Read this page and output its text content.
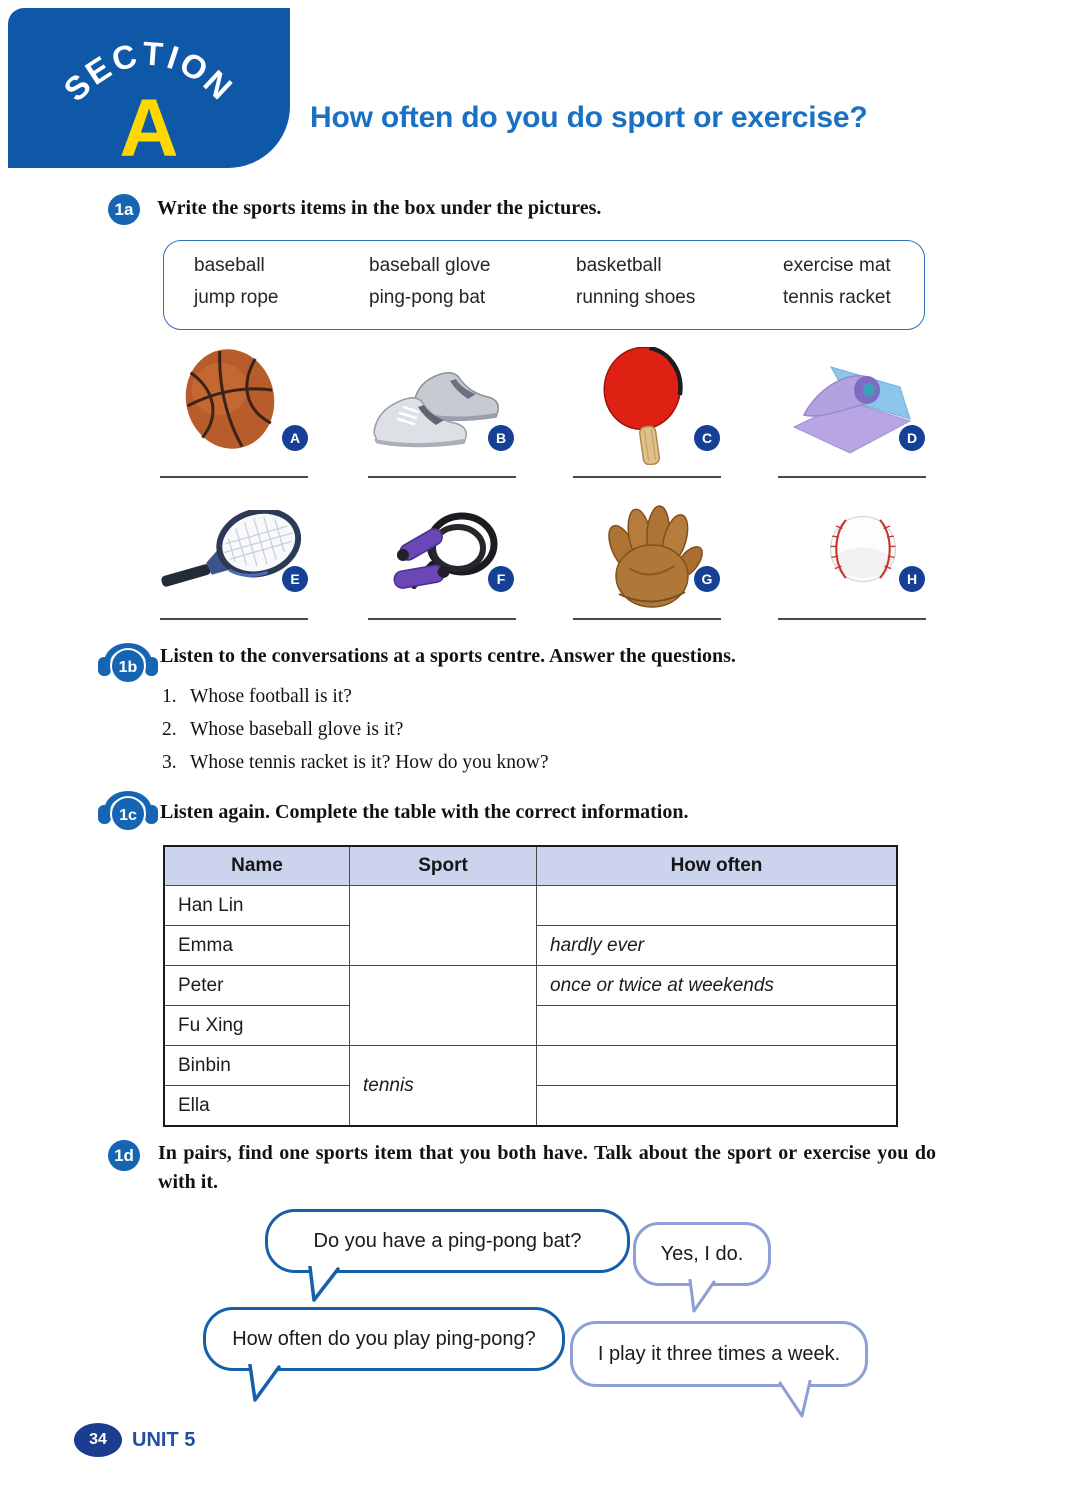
SECTION
A	How often do you do sport or exercise?
1a	Write the sports items in the box under the pictures.

baseball	baseball glove	basketball	exercise mat
jump rope	ping-pong bat	running shoes	tennis racket
A	B	C	D
E	F	G	H
1b

Listen to the conversations at a sports centre. Answer the questions.

1. Whose football is it?
2. Whose baseball glove is it?
3. Whose tennis racket is it? How do you know?
1c Listen again. Complete the table with the correct information.

Name	Sport	How often
Han Lin		
Emma		hardly ever
Peter		once or twice at weekends
Fu Xing		
Binbin	tennis	
Ella		
1d	In pairs, find one sports item that you both have. Talk about the sport or exercise you do with it.

Do you have a ping-pong bat?
Yes, I do.
How often do you play ping-pong?
I play it three times a week.
34	UNIT 5
